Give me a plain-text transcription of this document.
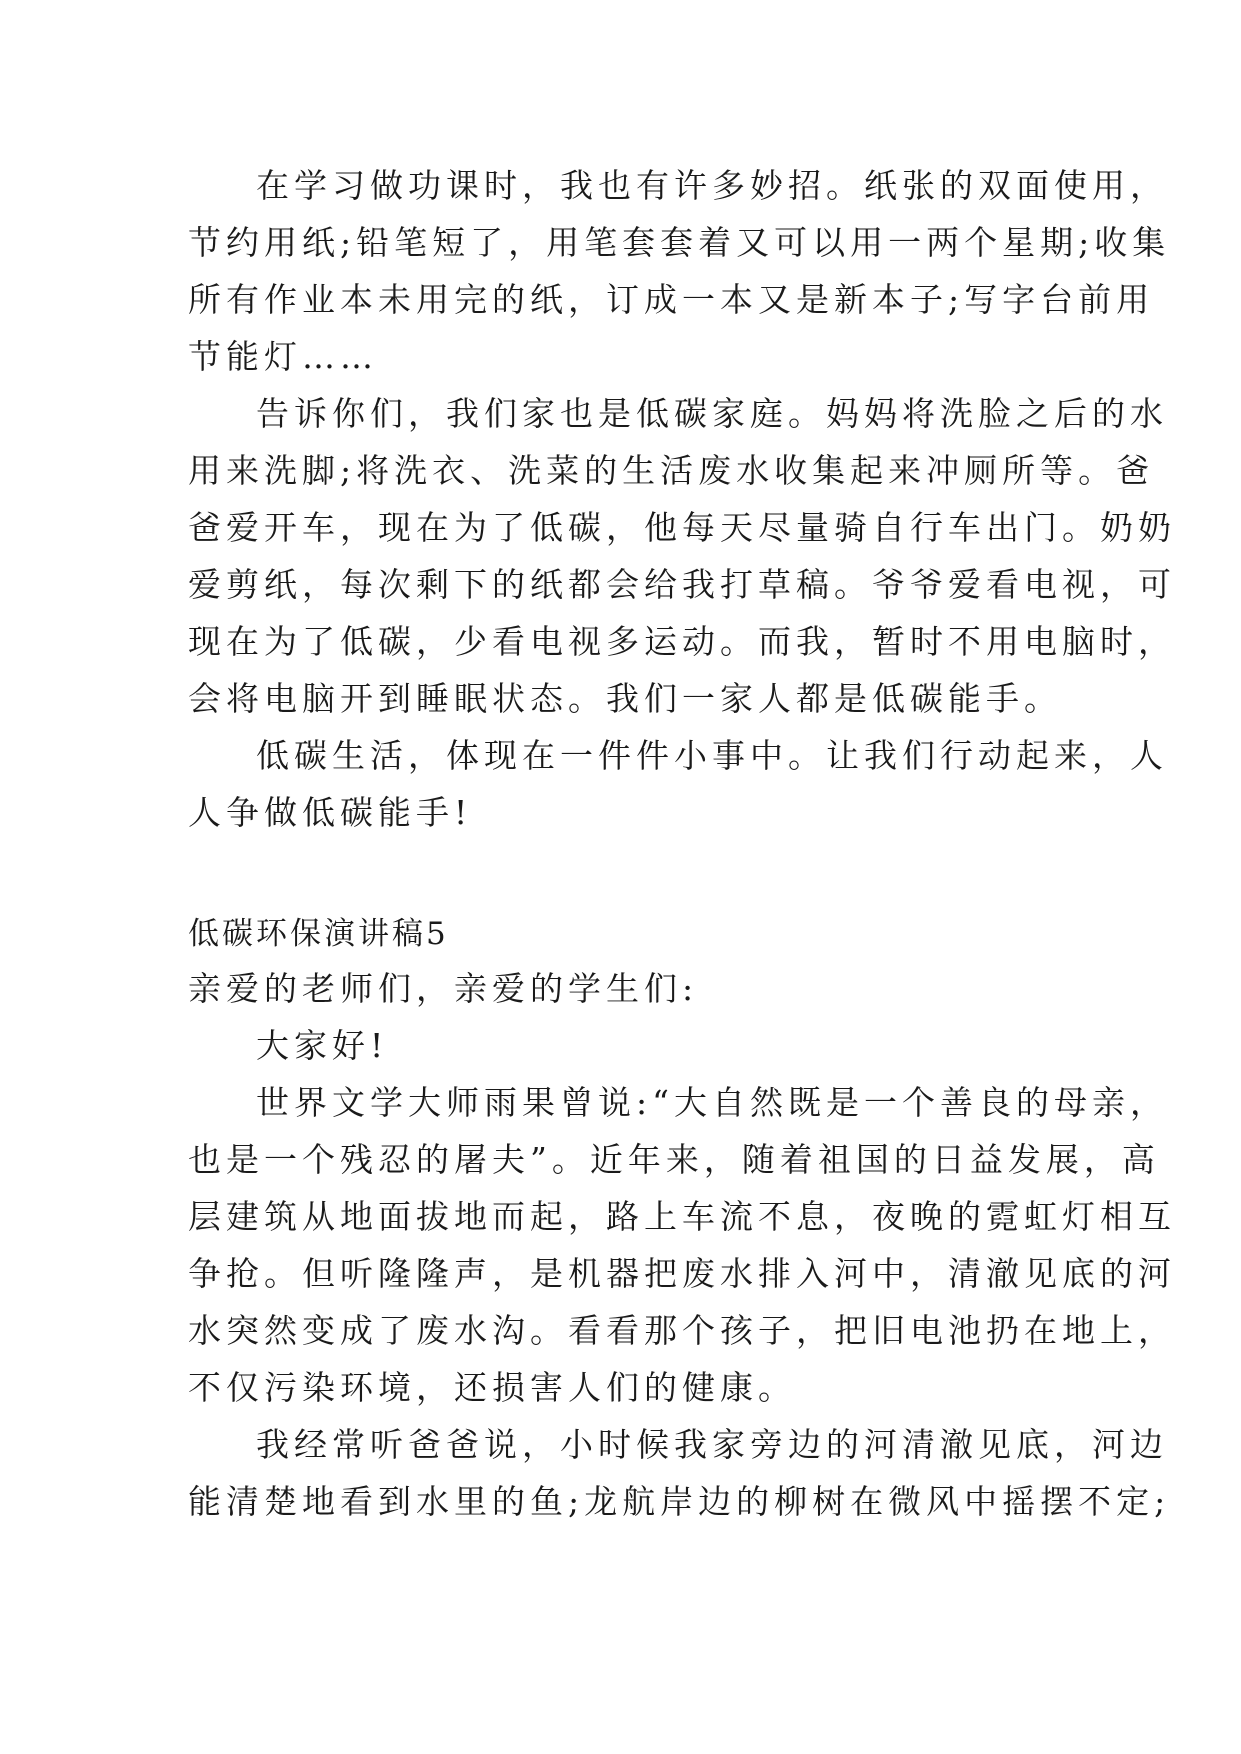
在学习做功课时，我也有许多妙招。纸张的双面使用，
节约用纸;铅笔短了，用笔套套着又可以用一两个星期;收集
所有作业本未用完的纸，订成一本又是新本子;写字台前用
节能灯……
告诉你们，我们家也是低碳家庭。妈妈将洗脸之后的水
用来洗脚;将洗衣、洗菜的生活废水收集起来冲厕所等。爸
爸爱开车，现在为了低碳，他每天尽量骑自行车出门。奶奶
爱剪纸，每次剩下的纸都会给我打草稿。爷爷爱看电视，可
现在为了低碳，少看电视多运动。而我，暂时不用电脑时，
会将电脑开到睡眠状态。我们一家人都是低碳能手。
低碳生活，体现在一件件小事中。让我们行动起来，人
人争做低碳能手!
低碳环保演讲稿5
亲爱的老师们，亲爱的学生们:
大家好!
世界文学大师雨果曾说:“大自然既是一个善良的母亲，
也是一个残忍的屠夫”。近年来，随着祖国的日益发展，高
层建筑从地面拔地而起，路上车流不息，夜晚的霓虹灯相互
争抢。但听隆隆声，是机器把废水排入河中，清澈见底的河
水突然变成了废水沟。看看那个孩子，把旧电池扔在地上，
不仅污染环境，还损害人们的健康。
我经常听爸爸说，小时候我家旁边的河清澈见底，河边
能清楚地看到水里的鱼;龙航岸边的柳树在微风中摇摆不定;
